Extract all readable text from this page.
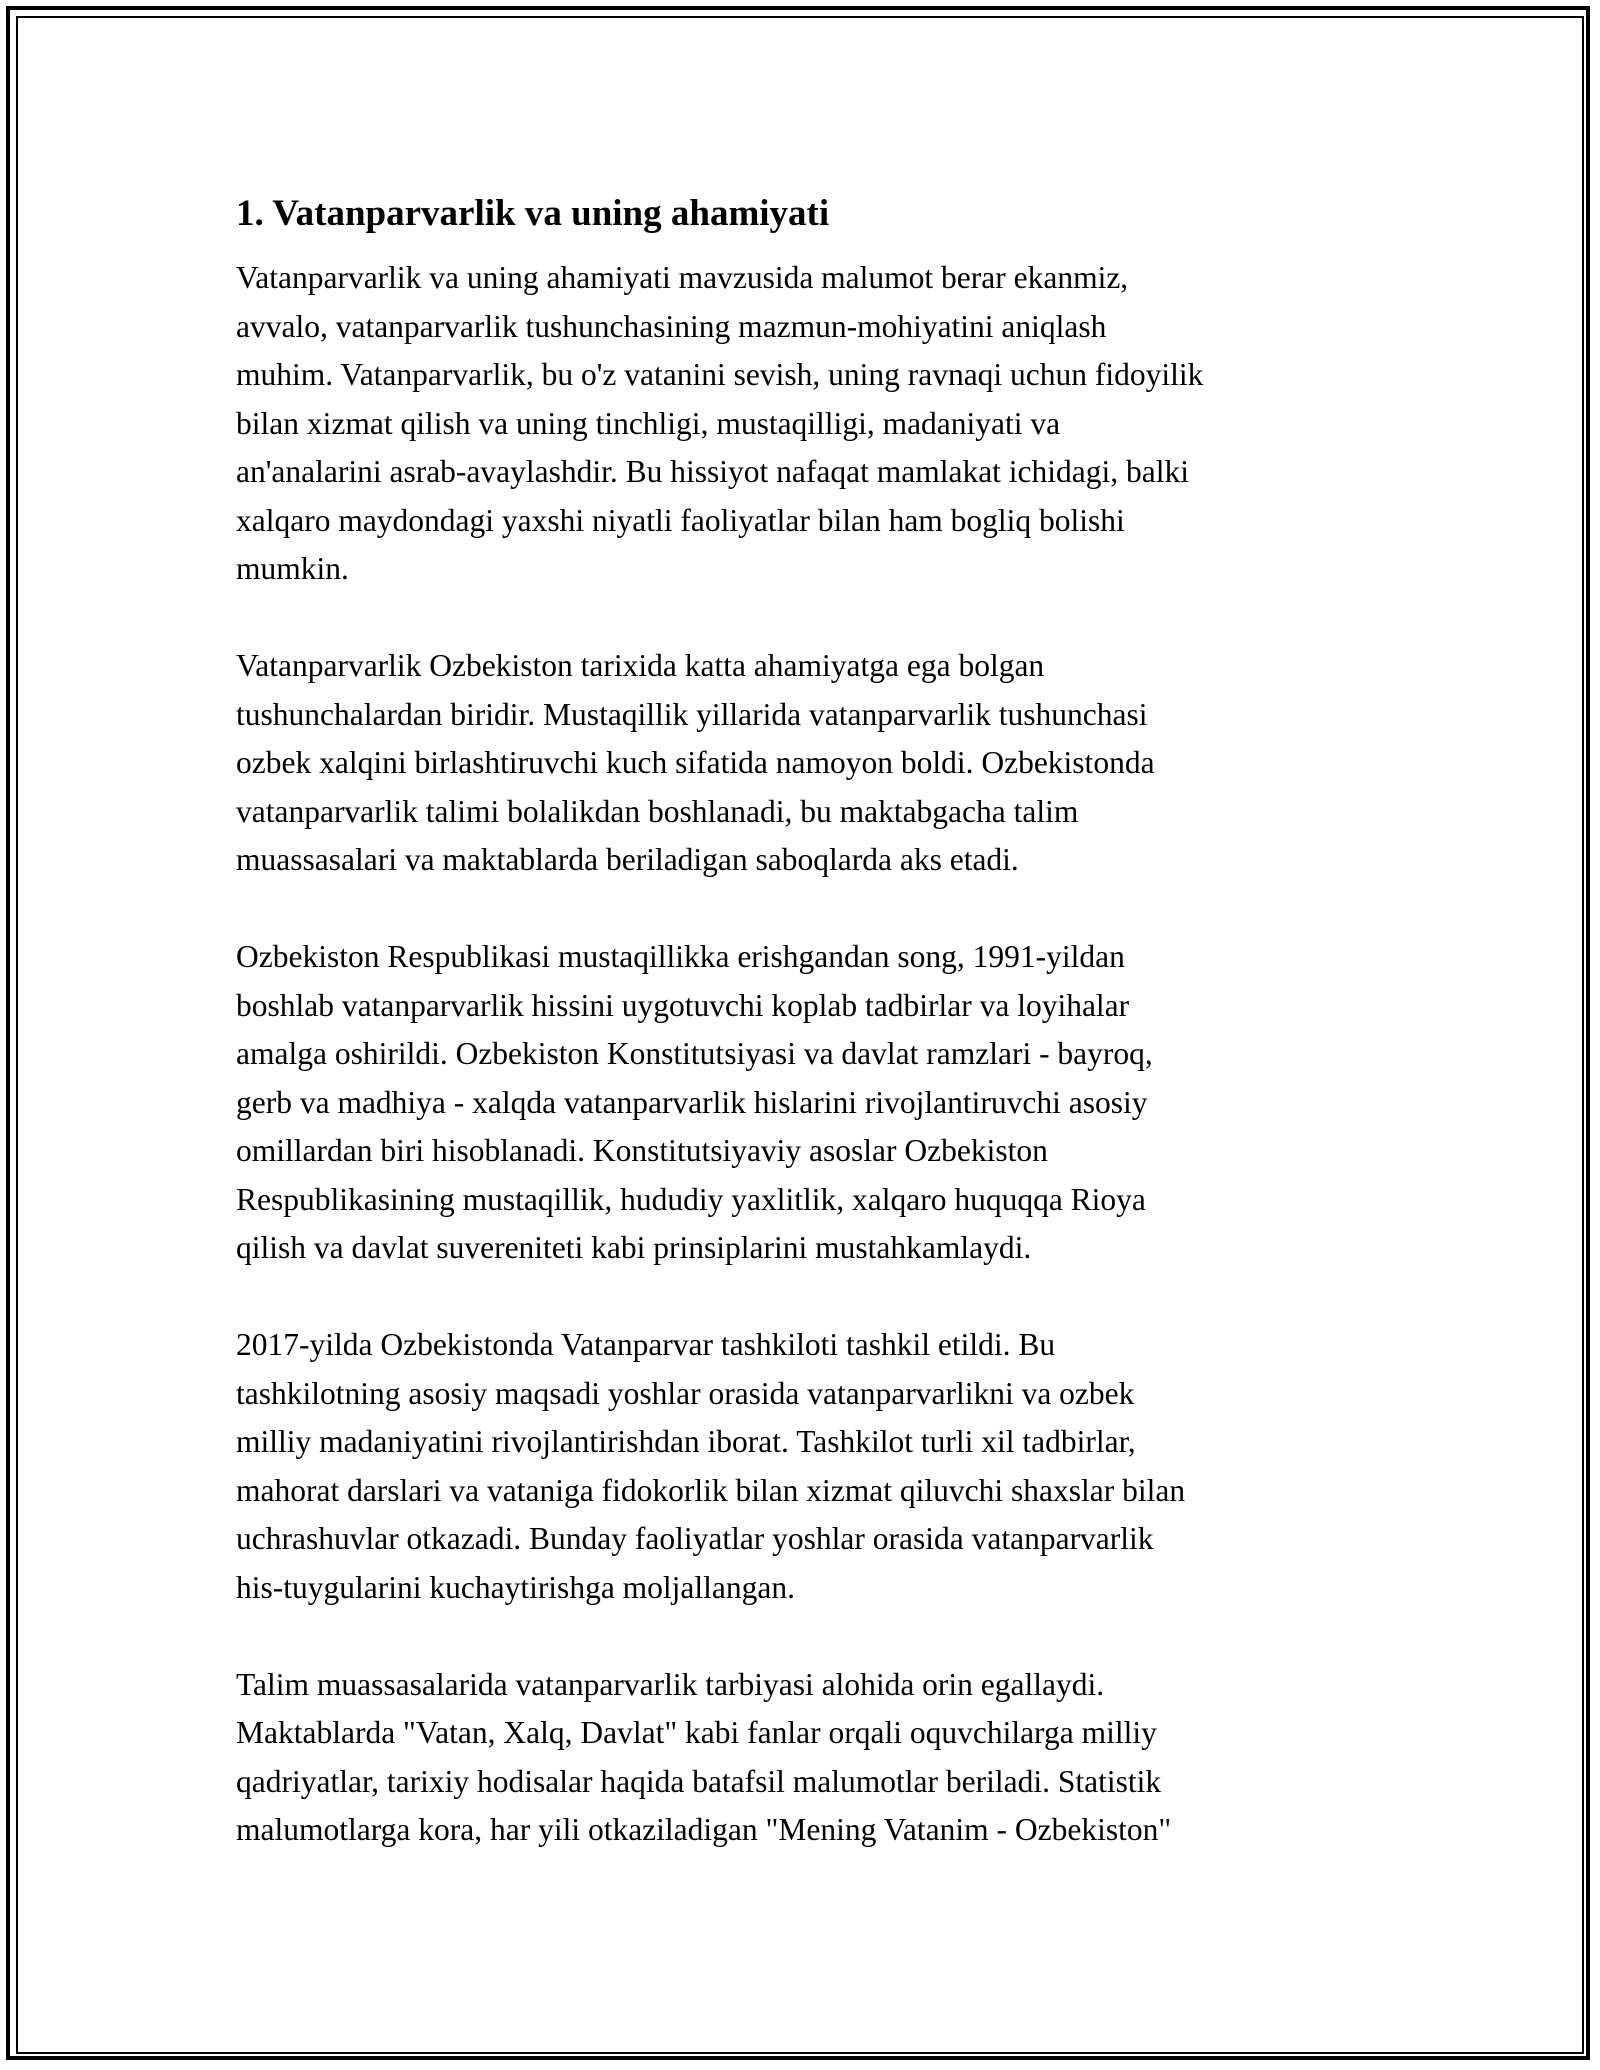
1. Vatanparvarlik va uning ahamiyati

Vatanparvarlik va uning ahamiyati mavzusida malumot berar ekanmiz,
avvalo, vatanparvarlik tushunchasining mazmun-mohiyatini aniqlash
muhim. Vatanparvarlik, bu o'z vatanini sevish, uning ravnaqi uchun fidoyilik
bilan xizmat qilish va uning tinchligi, mustaqilligi, madaniyati va
an'analarini asrab-avaylashdir. Bu hissiyot nafaqat mamlakat ichidagi, balki
xalqaro maydondagi yaxshi niyatli faoliyatlar bilan ham bogliq bolishi
mumkin.

Vatanparvarlik Ozbekiston tarixida katta ahamiyatga ega bolgan
tushunchalardan biridir. Mustaqillik yillarida vatanparvarlik tushunchasi
ozbek xalqini birlashtiruvchi kuch sifatida namoyon boldi. Ozbekistonda
vatanparvarlik talimi bolalikdan boshlanadi, bu maktabgacha talim
muassasalari va maktablarda beriladigan saboqlarda aks etadi.

Ozbekiston Respublikasi mustaqillikka erishgandan song, 1991-yildan
boshlab vatanparvarlik hissini uygotuvchi koplab tadbirlar va loyihalar
amalga oshirildi. Ozbekiston Konstitutsiyasi va davlat ramzlari - bayroq,
gerb va madhiya - xalqda vatanparvarlik hislarini rivojlantiruvchi asosiy
omillardan biri hisoblanadi. Konstitutsiyaviy asoslar Ozbekiston
Respublikasining mustaqillik, hududiy yaxlitlik, xalqaro huquqqa Rioya
qilish va davlat suvereniteti kabi prinsiplarini mustahkamlaydi.

2017-yilda Ozbekistonda Vatanparvar tashkiloti tashkil etildi. Bu
tashkilotning asosiy maqsadi yoshlar orasida vatanparvarlikni va ozbek
milliy madaniyatini rivojlantirishdan iborat. Tashkilot turli xil tadbirlar,
mahorat darslari va vataniga fidokorlik bilan xizmat qiluvchi shaxslar bilan
uchrashuvlar otkazadi. Bunday faoliyatlar yoshlar orasida vatanparvarlik
his-tuygularini kuchaytirishga moljallangan.

Talim muassasalarida vatanparvarlik tarbiyasi alohida orin egallaydi.
Maktablarda "Vatan, Xalq, Davlat" kabi fanlar orqali oquvchilarga milliy
qadriyatlar, tarixiy hodisalar haqida batafsil malumotlar beriladi. Statistik
malumotlarga kora, har yili otkaziladigan "Mening Vatanim - Ozbekiston"
